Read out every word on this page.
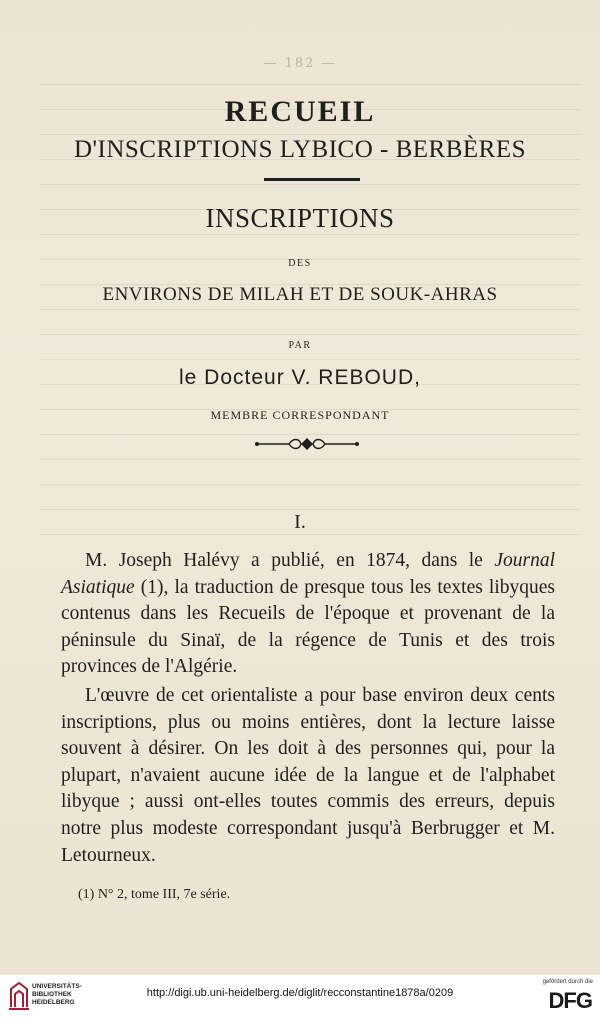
— 182 —
RECUEIL
D'INSCRIPTIONS LYBICO - BERBÈRES
INSCRIPTIONS
DES
ENVIRONS DE MILAH ET DE SOUK-AHRAS
PAR
le Docteur V. REBOUD,
MEMBRE CORRESPONDANT
I.

M. Joseph Halévy a publié, en 1874, dans le Journal Asiatique (1), la traduction de presque tous les textes libyques contenus dans les Recueils de l'époque et provenant de la péninsule du Sinaï, de la régence de Tunis et des trois provinces de l'Algérie.

L'œuvre de cet orientaliste a pour base environ deux cents inscriptions, plus ou moins entières, dont la lecture laisse souvent à désirer. On les doit à des personnes qui, pour la plupart, n'avaient aucune idée de la langue et de l'alphabet libyque ; aussi ont-elles toutes commis des erreurs, depuis notre plus modeste correspondant jusqu'à Berbrugger et M. Letourneux.

(1) N° 2, tome III, 7e série.
UNIVERSITÄTS-
BIBLIOTHEK
HEIDELBERG
http://digi.ub.uni-heidelberg.de/diglit/recconstantine1878a/0209
gefördert durch die
DFG
